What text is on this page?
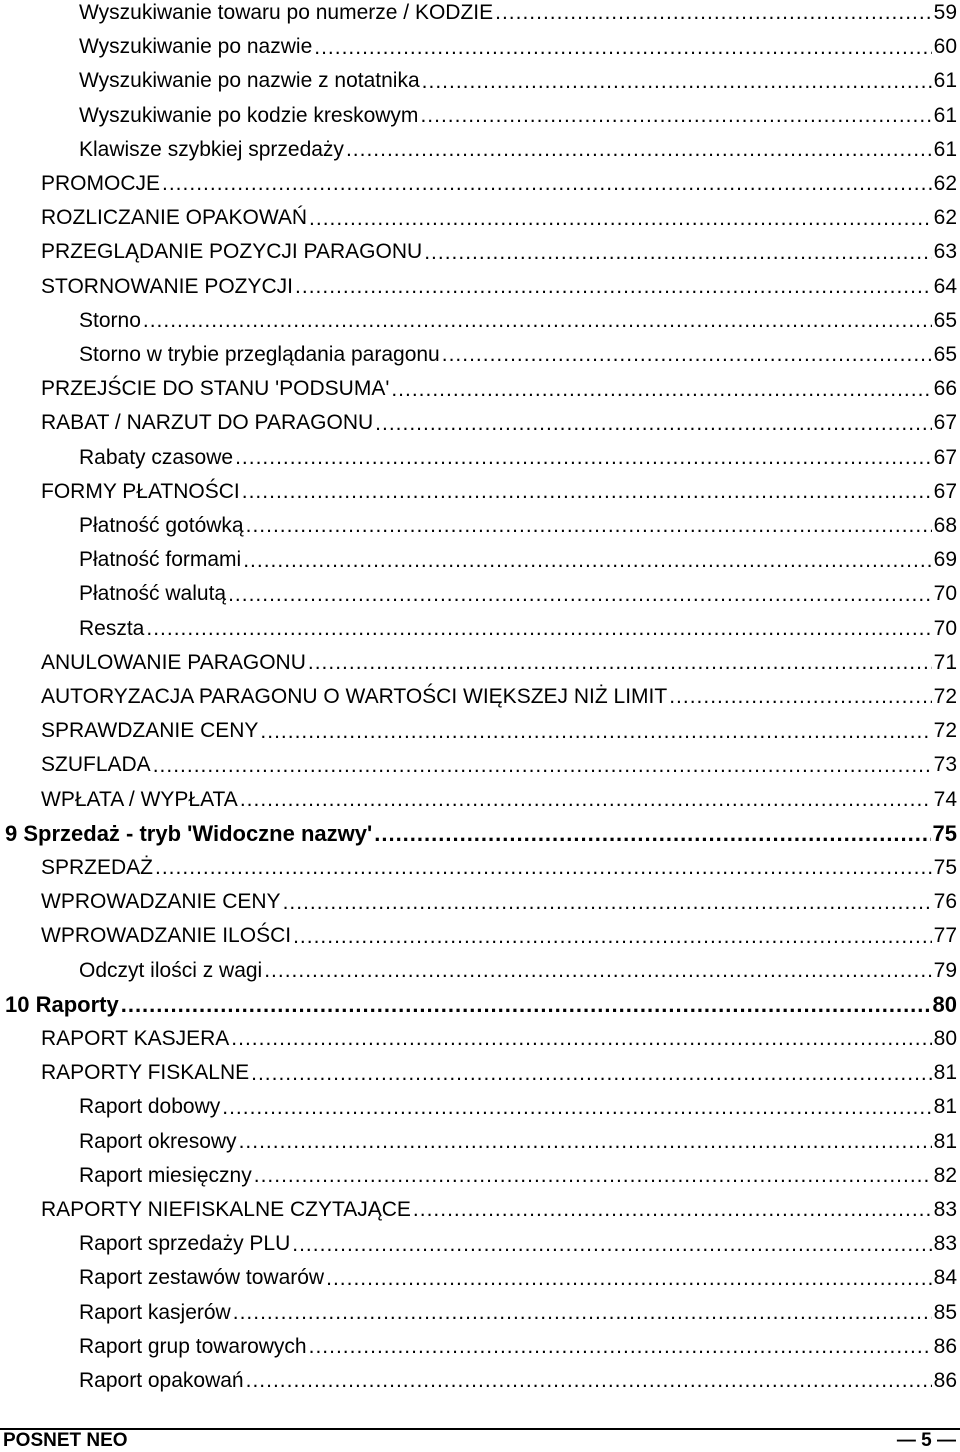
Wyszukiwanie towaru po numerze / KODZIE .....	59
Wyszukiwanie po nazwie .....	60
Wyszukiwanie po nazwie z notatnika .....	61
Wyszukiwanie po kodzie kreskowym .....	61
Klawisze szybkiej sprzedaży .....	61
PROMOCJE .....	62
ROZLICZANIE OPAKOWAŃ .....	62
PRZEGLĄDANIE POZYCJI PARAGONU .....	63
STORNOWANIE POZYCJI .....	64
Storno .....	65
Storno w trybie przeglądania paragonu .....	65
PRZEJŚCIE DO STANU 'PODSUMA' .....	66
RABAT / NARZUT DO PARAGONU .....	67
Rabaty czasowe .....	67
FORMY PŁATNOŚCI .....	67
Płatność gotówką .....	68
Płatność formami .....	69
Płatność walutą .....	70
Reszta .....	70
ANULOWANIE PARAGONU .....	71
AUTORYZACJA PARAGONU O WARTOŚCI WIĘKSZEJ NIŻ LIMIT .....	72
SPRAWDZANIE CENY .....	72
SZUFLADA .....	73
WPŁATA / WYPŁATA .....	74
9 Sprzedaż - tryb 'Widoczne nazwy' .....	75
SPRZEDAŻ .....	75
WPROWADZANIE CENY .....	76
WPROWADZANIE ILOŚCI .....	77
Odczyt ilości z wagi .....	79
10 Raporty .....	80
RAPORT KASJERA .....	80
RAPORTY FISKALNE .....	81
Raport dobowy .....	81
Raport okresowy .....	81
Raport miesięczny .....	82
RAPORTY NIEFISKALNE CZYTAJĄCE .....	83
Raport sprzedaży PLU .....	83
Raport zestawów towarów .....	84
Raport kasjerów .....	85
Raport grup towarowych .....	86
Raport opakowań .....	86
POSNET NEO	— 5 —
